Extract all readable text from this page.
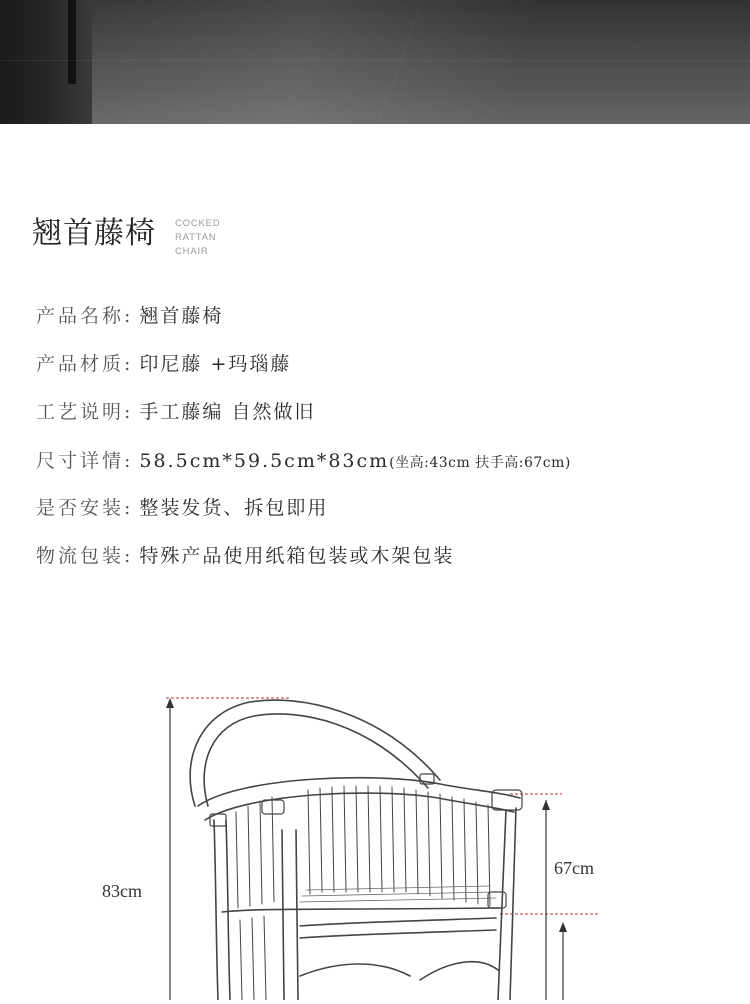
翘首藤椅 COCKED
RATTAN CHAIR
产品名称: 翘首藤椅
产品材质: 印尼藤 +玛瑙藤
工艺说明: 手工藤编 自然做旧
尺寸详情: 58.5cm*59.5cm*83cm(坐高:43cm 扶手高:67cm)
是否安装: 整装发货、拆包即用
物流包装: 特殊产品使用纸箱包装或木架包装
83cm
67cm
